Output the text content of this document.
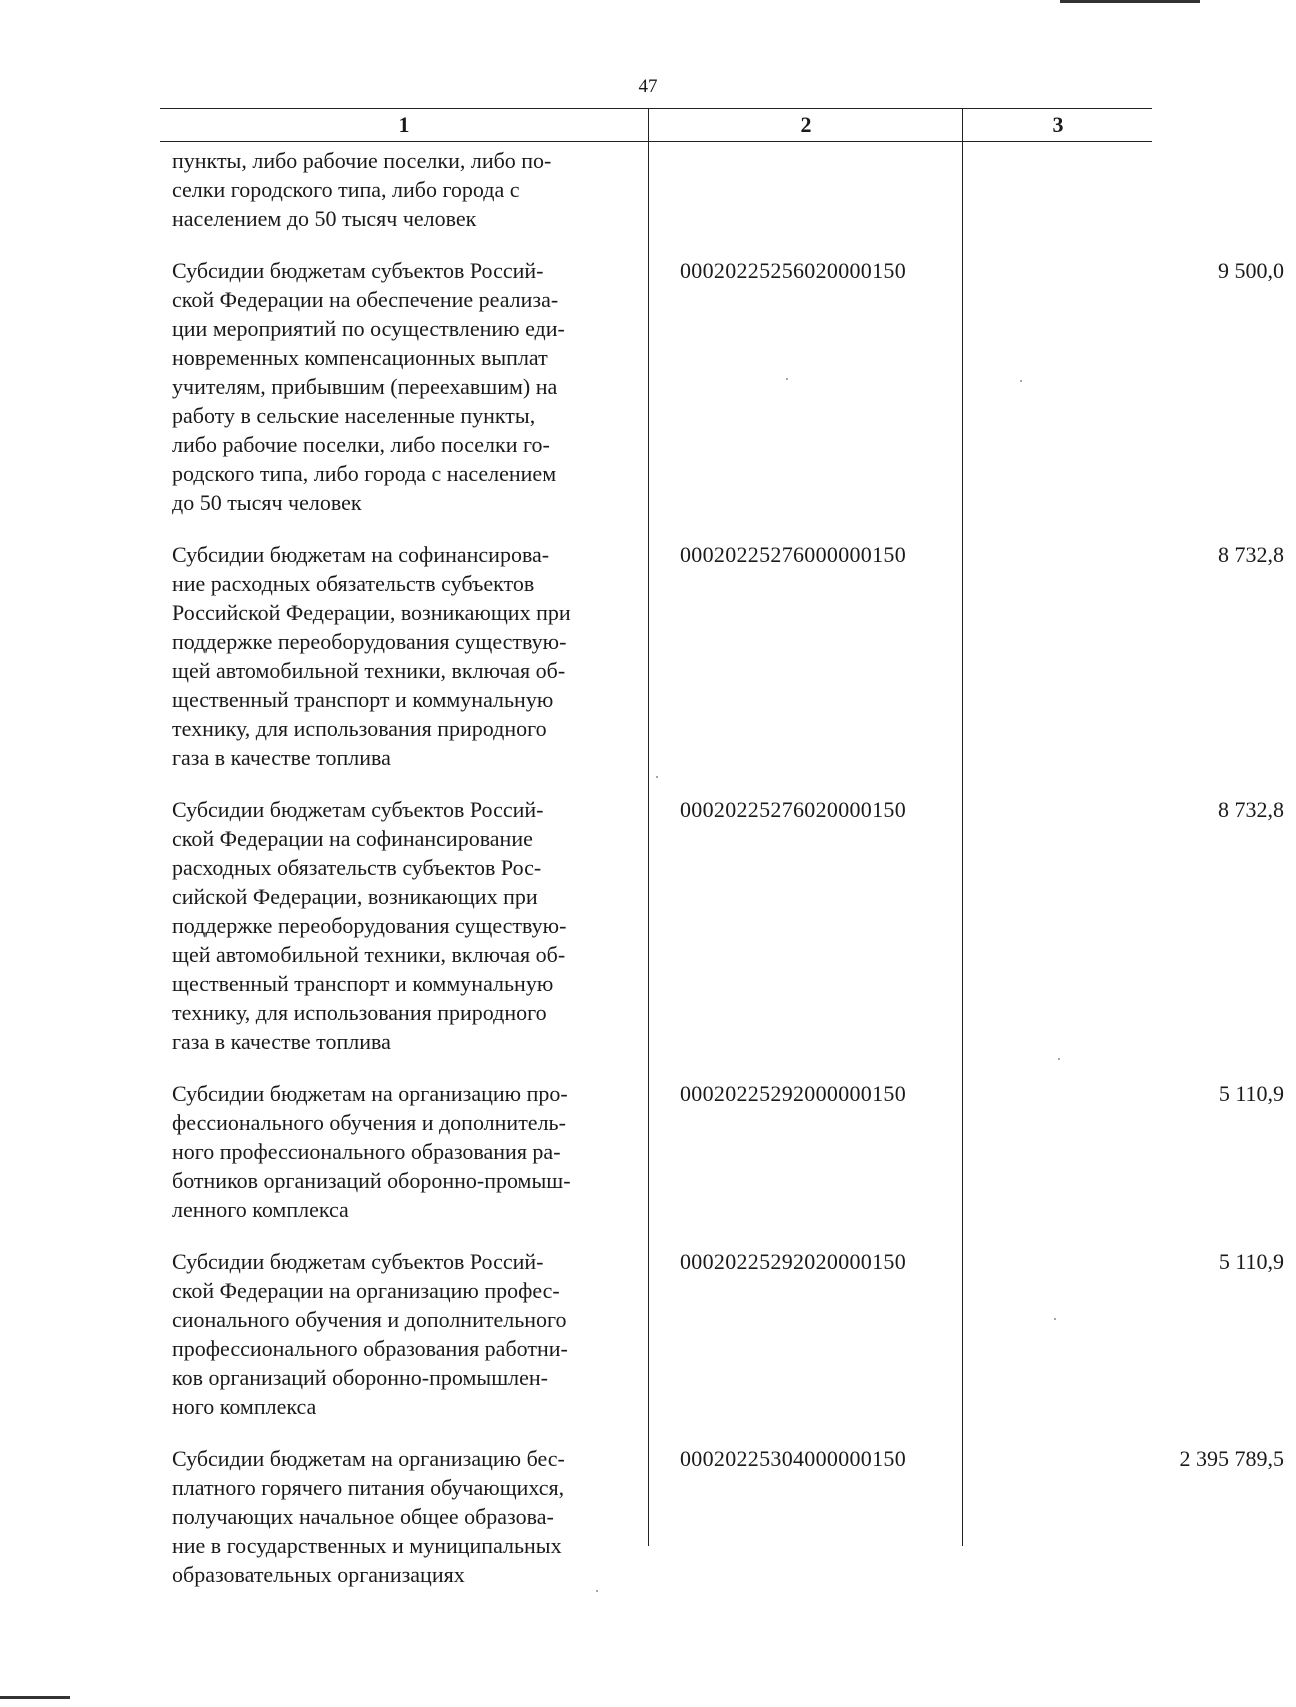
47
1	2	3
пункты, либо рабочие поселки, либо по-
селки городского типа, либо города с
населением до 50 тысяч человек
Субсидии бюджетам субъектов Россий-
ской Федерации на обеспечение реализа-
ции мероприятий по осуществлению еди-
новременных компенсационных выплат
учителям, прибывшим (переехавшим) на
работу в сельские населенные пункты,
либо рабочие поселки, либо поселки го-
родского типа, либо города с населением
до 50 тысяч человек
00020225256020000150	9 500,0
Субсидии бюджетам на софинансирова-
ние расходных обязательств субъектов
Российской Федерации, возникающих при
поддержке переоборудования существую-
щей автомобильной техники, включая об-
щественный транспорт и коммунальную
технику, для использования природного
газа в качестве топлива
00020225276000000150	8 732,8
Субсидии бюджетам субъектов Россий-
ской Федерации на софинансирование
расходных обязательств субъектов Рос-
сийской Федерации, возникающих при
поддержке переоборудования существую-
щей автомобильной техники, включая об-
щественный транспорт и коммунальную
технику, для использования природного
газа в качестве топлива
00020225276020000150	8 732,8
Субсидии бюджетам на организацию про-
фессионального обучения и дополнитель-
ного профессионального образования ра-
ботников организаций оборонно-промыш-
ленного комплекса
00020225292000000150	5 110,9
Субсидии бюджетам субъектов Россий-
ской Федерации на организацию профес-
сионального обучения и дополнительного
профессионального образования работни-
ков организаций оборонно-промышлен-
ного комплекса
00020225292020000150	5 110,9
Субсидии бюджетам на организацию бес-
платного горячего питания обучающихся,
получающих начальное общее образова-
ние в государственных и муниципальных
образовательных организациях
00020225304000000150	2 395 789,5
